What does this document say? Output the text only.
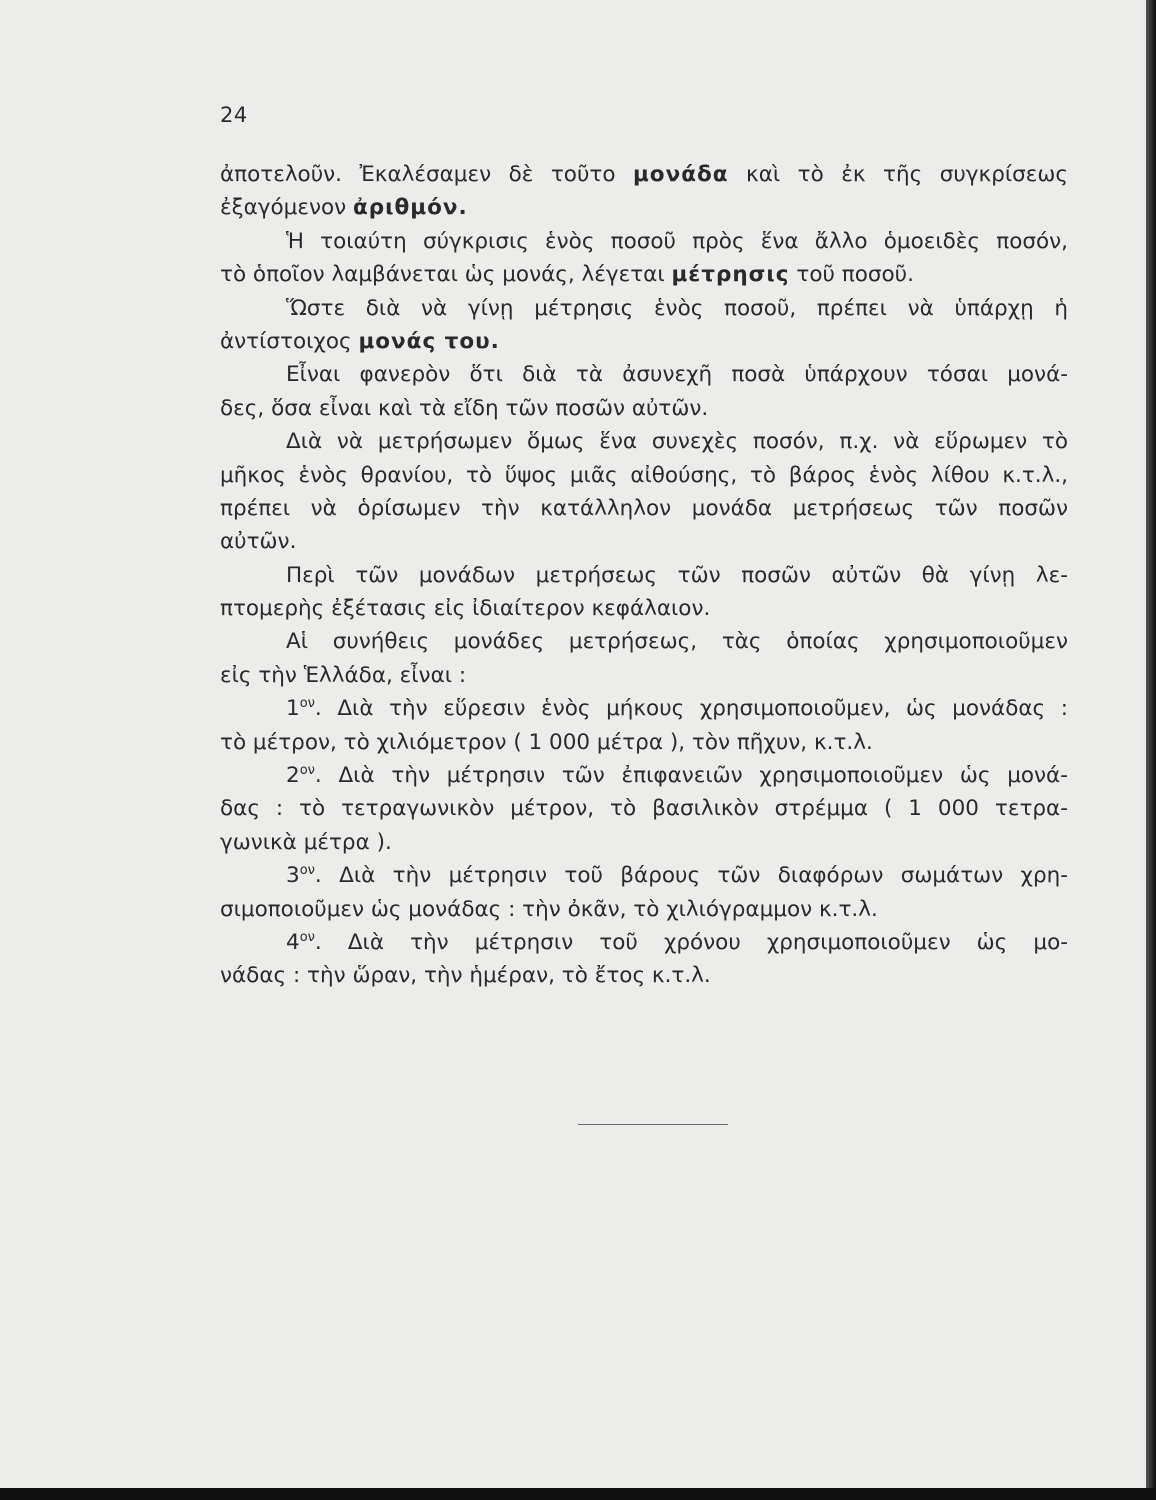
24
ἀποτελοῦν. Ἐκαλέσαμεν δὲ τοῦτο μονάδα καὶ τὸ ἐκ τῆς συγκρίσεως
ἐξαγόμενον ἀριθμόν.
Ἡ τοιαύτη σύγκρισις ἑνὸς ποσοῦ πρὸς ἕνα ἄλλο ὁμοειδὲς ποσόν,
τὸ ὁποῖον λαμβάνεται ὡς μονάς, λέγεται μέτρησις τοῦ ποσοῦ.
Ὥστε διὰ νὰ γίνῃ μέτρησις ἑνὸς ποσοῦ, πρέπει νὰ ὑπάρχῃ ἡ
ἀντίστοιχος μονάς του.
Εἶναι φανερὸν ὅτι διὰ τὰ ἀσυνεχῆ ποσὰ ὑπάρχουν τόσαι μονά-
δες, ὅσα εἶναι καὶ τὰ εἴδη τῶν ποσῶν αὐτῶν.
Διὰ νὰ μετρήσωμεν ὅμως ἕνα συνεχὲς ποσόν, π.χ. νὰ εὕρωμεν τὸ
μῆκος ἑνὸς θρανίου, τὸ ὕψος μιᾶς αἰθούσης, τὸ βάρος ἑνὸς λίθου κ.τ.λ.,
πρέπει νὰ ὁρίσωμεν τὴν κατάλληλον μονάδα μετρήσεως τῶν ποσῶν
αὐτῶν.
Περὶ τῶν μονάδων μετρήσεως τῶν ποσῶν αὐτῶν θὰ γίνῃ λε-
πτομερὴς ἐξέτασις εἰς ἰδιαίτερον κεφάλαιον.
Αἱ συνήθεις μονάδες μετρήσεως, τὰς ὁποίας χρησιμοποιοῦμεν
εἰς τὴν Ἑλλάδα, εἶναι :
$1^{o\nu}$. Διὰ τὴν εὕρεσιν ἑνὸς μήκους χρησιμοποιοῦμεν, ὡς μονάδας :
τὸ μέτρον, τὸ χιλιόμετρον ( 1 000 μέτρα ), τὸν πῆχυν, κ.τ.λ.
$2^{o\nu}$. Διὰ τὴν μέτρησιν τῶν ἐπιφανειῶν χρησιμοποιοῦμεν ὡς μονά-
δας : τὸ τετραγωνικὸν μέτρον, τὸ βασιλικὸν στρέμμα ( 1 000 τετρα-
γωνικὰ μέτρα ).
$3^{o\nu}$. Διὰ τὴν μέτρησιν τοῦ βάρους τῶν διαφόρων σωμάτων χρη-
σιμοποιοῦμεν ὡς μονάδας : τὴν ὀκᾶν, τὸ χιλιόγραμμον κ.τ.λ.
$4^{o\nu}$. Διὰ τὴν μέτρησιν τοῦ χρόνου χρησιμοποιοῦμεν ὡς μο-
νάδας : τὴν ὥραν, τὴν ἡμέραν, τὸ ἔτος κ.τ.λ.
